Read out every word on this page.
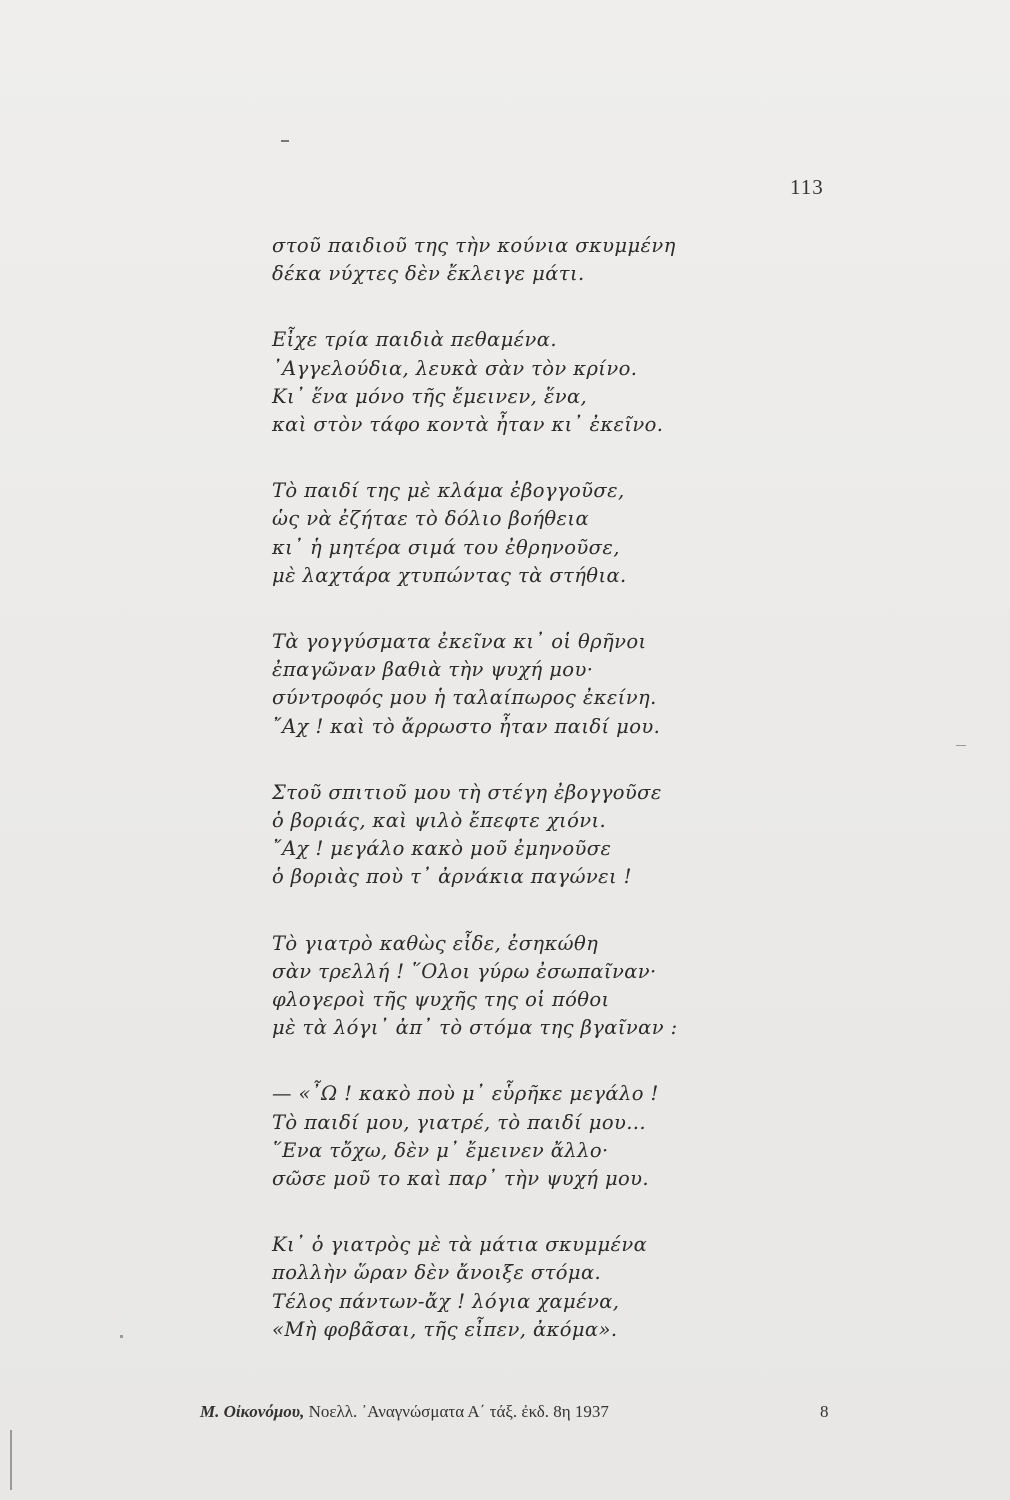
113
στοῦ παιδιοῦ της τὴν κούνια σκυμμένη
δέκα νύχτες δὲν ἔκλειγε μάτι.
Εἶχε τρία παιδιὰ πεθαμένα.
᾿Αγγελούδια, λευκὰ σὰν τὸν κρίνο.
Κι᾿ ἕνα μόνο τῆς ἔμεινεν, ἕνα,
καὶ στὸν τάφο κοντὰ ἦταν κι᾿ ἐκεῖνο.
Τὸ παιδί της μὲ κλάμα ἐβογγοῦσε,
ὡς νὰ ἐζήταε τὸ δόλιο βοήθεια
κι᾿ ἡ μητέρα σιμά του ἐθρηνοῦσε,
μὲ λαχτάρα χτυπώντας τὰ στήθια.
Τὰ γογγύσματα ἐκεῖνα κι᾿ οἱ θρῆνοι
ἐπαγῶναν βαθιὰ τὴν ψυχή μου·
σύντροφός μου ἡ ταλαίπωρος ἐκείνη.
῎Αχ ! καὶ τὸ ἄρρωστο ἦταν παιδί μου.
Στοῦ σπιτιοῦ μου τὴ στέγη ἐβογγοῦσε
ὁ βοριάς, καὶ ψιλὸ ἔπεφτε χιόνι.
῎Αχ ! μεγάλο κακὸ μοῦ ἐμηνοῦσε
ὁ βοριὰς ποὺ τ᾿ ἀρνάκια παγώνει !
Τὸ γιατρὸ καθὼς εἶδε, ἐσηκώθη
σὰν τρελλή ! ῞Ολοι γύρω ἐσωπαῖναν·
φλογεροὶ τῆς ψυχῆς της οἱ πόθοι
μὲ τὰ λόγι᾿ ἀπ᾿ τὸ στόμα της βγαῖναν :
— «῏Ω ! κακὸ ποὺ μ᾿ εὗρῆκε μεγάλο !
Τὸ παιδί μου, γιατρέ, τὸ παιδί μου...
῞Ενα τὄχω, δὲν μ᾿ ἔμεινεν ἄλλο·
σῶσε μοῦ το καὶ παρ᾿ τὴν ψυχή μου.
Κι᾿ ὁ γιατρὸς μὲ τὰ μάτια σκυμμένα
πολλὴν ὥραν δὲν ἄνοιξε στόμα.
Τέλος πάντων-ἄχ ! λόγια χαμένα,
«Μὴ φοβᾶσαι, τῆς εἶπεν, ἀκόμα».
Μ. Οἰκονόμου, Νοελλ. ᾿Αναγνώσματα Α΄ τάξ. ἐκδ. 8η 1937	8
